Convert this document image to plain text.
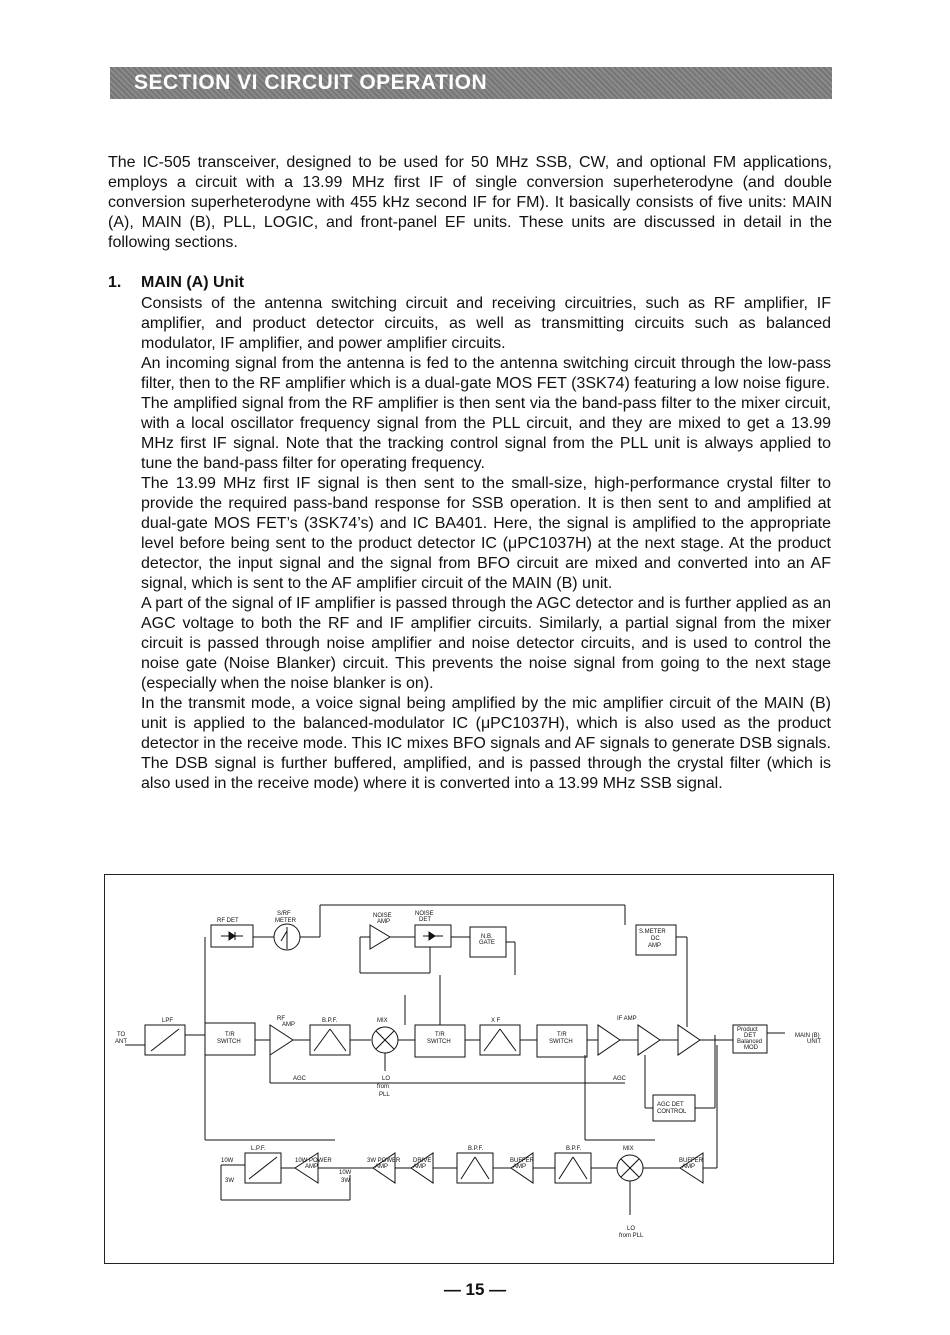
SECTION VI CIRCUIT OPERATION

The IC-505 transceiver, designed to be used for 50 MHz SSB, CW, and optional FM applications, employs a circuit with a 13.99 MHz first IF of single conversion superheterodyne (and double conversion superheterodyne with 455 kHz second IF for FM). It basically consists of five units: MAIN (A), MAIN (B), PLL, LOGIC, and front-panel EF units. These units are discussed in detail in the following sections.

1. MAIN (A) Unit

Consists of the antenna switching circuit and receiving circuitries, such as RF amplifier, IF amplifier, and product detector circuits, as well as transmitting circuits such as balanced modulator, IF amplifier, and power amplifier circuits.

An incoming signal from the antenna is fed to the antenna switching circuit through the low-pass filter, then to the RF amplifier which is a dual-gate MOS FET (3SK74) featuring a low noise figure.

The amplified signal from the RF amplifier is then sent via the band-pass filter to the mixer circuit, with a local oscillator frequency signal from the PLL circuit, and they are mixed to get a 13.99 MHz first IF signal. Note that the tracking control signal from the PLL unit is always applied to tune the band-pass filter for operating frequency.

The 13.99 MHz first IF signal is then sent to the small-size, high-performance crystal filter to provide the required pass-band response for SSB operation. It is then sent to and amplified at dual-gate MOS FET’s (3SK74’s) and IC BA401. Here, the signal is amplified to the appropriate level before being sent to the product detector IC (μPC1037H) at the next stage. At the product detector, the input signal and the signal from BFO circuit are mixed and converted into an AF signal, which is sent to the AF amplifier circuit of the MAIN (B) unit.

A part of the signal of IF amplifier is passed through the AGC detector and is further applied as an AGC voltage to both the RF and IF amplifier circuits. Similarly, a partial signal from the mixer circuit is passed through noise amplifier and noise detector circuits, and is used to control the noise gate (Noise Blanker) circuit. This prevents the noise signal from going to the next stage (especially when the noise blanker is on).

In the transmit mode, a voice signal being amplified by the mic amplifier circuit of the MAIN (B) unit is applied to the balanced-modulator IC (μPC1037H), which is also used as the product detector in the receive mode. This IC mixes BFO signals and AF signals to generate DSB signals. The DSB signal is further buffered, amplified, and is passed through the crystal filter (which is also used in the receive mode) where it is converted into a 13.99 MHz SSB signal.

RF DET
S/RF
METER
NOISE
AMP
NOISE
DET
N.B.
GATE
S.METER
DC
AMP
LPF	RF
AMP
B.P.F.	MIX	X F	IF AMP
TO
ANT
T/R
SWITCH
T/R
SWITCH
T/R
SWITCH
Product
DET
Balanced
MOD
MAIN (B)
UNIT
AGC	LO
from
PLL
AGC
AGC DET
CONTROL
10W POWER
AMP
L.P.F.
10W
3W
10W
3W
3W POWER
AMP
DRIVE
AMP
B.P.F.
BUFFER
AMP
B.P.F.	MIX
BUFFER
AMP
LO
from PLL
— 15 —
